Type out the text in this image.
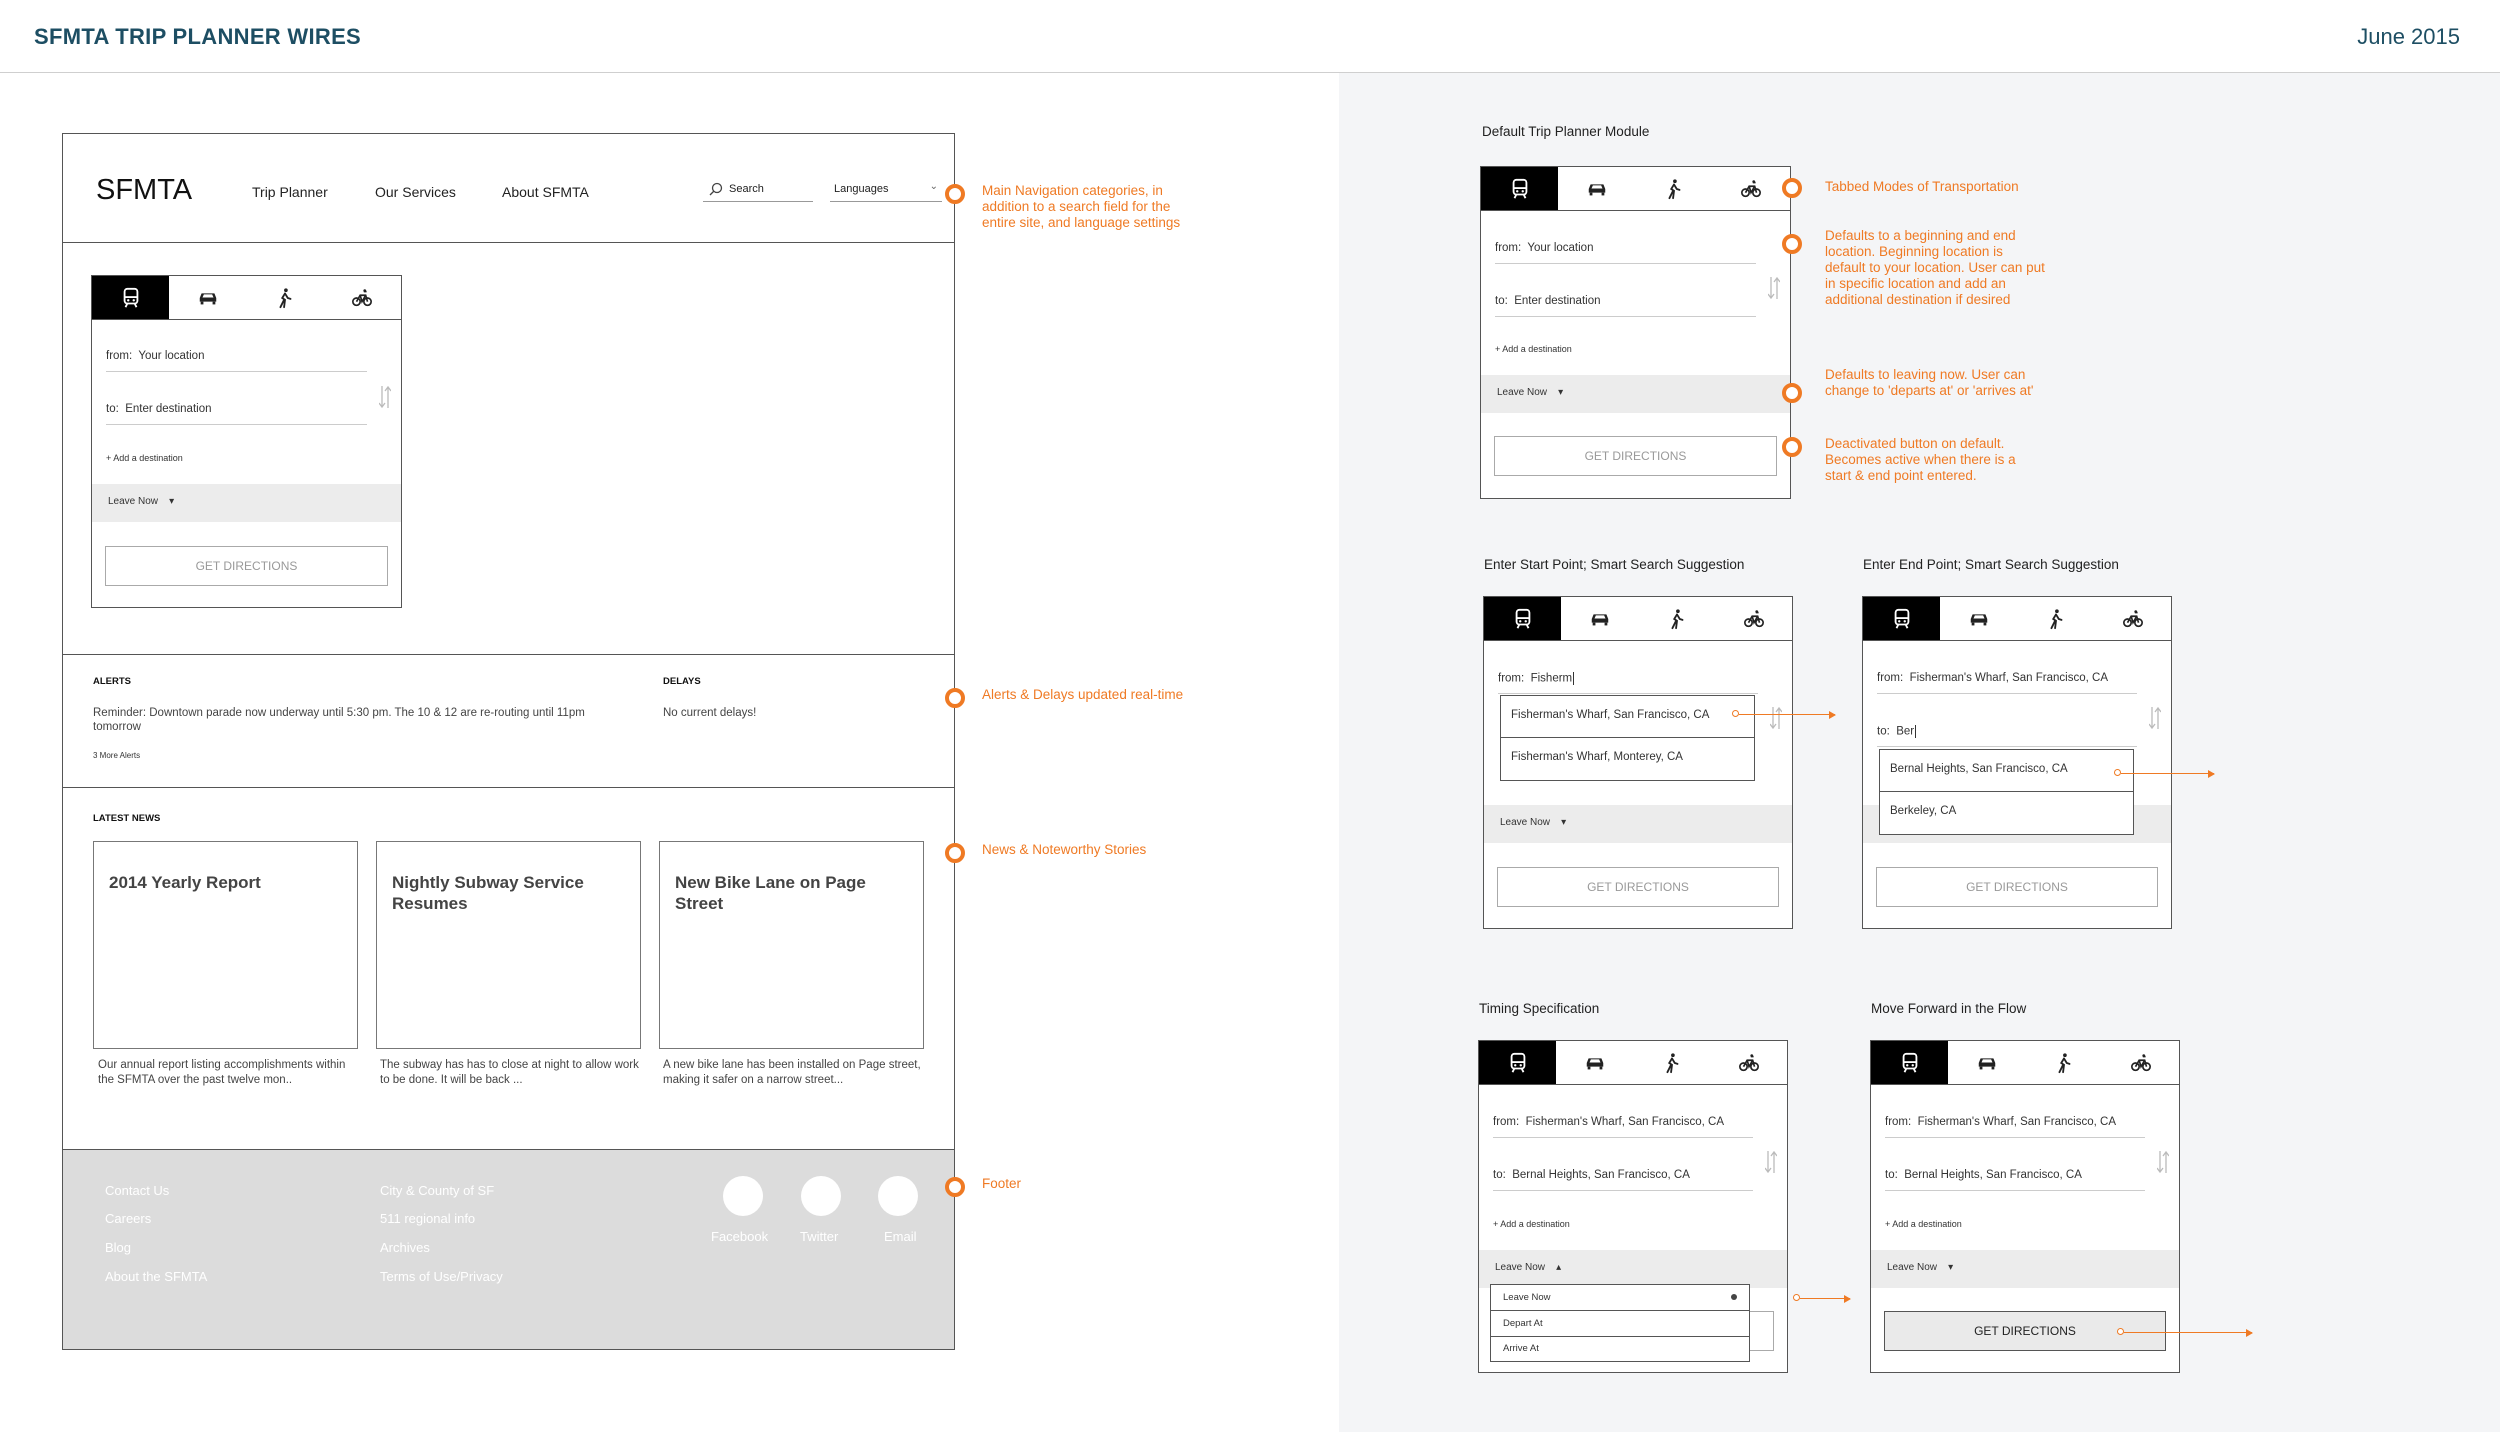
SFMTA TRIP PLANNER WIRES	June 2015
SFMTA	Trip Planner	Our Services	About SFMTA	Search	Languages	⌄
from: Your location
to: Enter destination
+ Add a destination
Leave Now ▾
GET DIRECTIONS
ALERTS
Reminder: Downtown parade now underway until 5:30 pm. The 10 & 12 are re-routing until 11pm tomorrow
3 More Alerts
DELAYS
No current delays!
LATEST NEWS
2014 Yearly Report	Nightly Subway Service Resumes
New Bike Lane on Page Street
Our annual report listing accomplishments within the SFMTA over the past twelve mon..
The subway has has to close at night to allow work to be done. It will be back ...
A new bike lane has been installed on Page street, making it safer on a narrow street...
Contact Us
Careers
Blog
About the SFMTA
City & County of SF
511 regional info
Archives
Terms of Use/Privacy
Facebook Twitter	Email
Main Navigation categories, in addition to a search field for the entire site, and language settings
Alerts & Delays updated real-time
News & Noteworthy Stories
Footer
Default Trip Planner Module
from: Your location
to: Enter destination
+ Add a destination
Leave Now ▾
GET DIRECTIONS
Tabbed Modes of Transportation
Defaults to a beginning and end location. Beginning location is default to your location. User can put in specific location and add an additional destination if desired
Defaults to leaving now. User can change to 'departs at' or 'arrives at'
Deactivated button on default. Becomes active when there is a start & end point entered.
Enter Start Point; Smart Search Suggestion
from: Fisherm
Fisherman's Wharf, San Francisco, CA
Fisherman's Wharf, Monterey, CA
Leave Now ▾
GET DIRECTIONS
Enter End Point; Smart Search Suggestion
from: Fisherman's Wharf, San Francisco, CA
to: Ber
Bernal Heights, San Francisco, CA
Berkeley, CA
GET DIRECTIONS
Timing Specification
from: Fisherman's Wharf, San Francisco, CA
to: Bernal Heights, San Francisco, CA
+ Add a destination
Leave Now ▴
Leave Now
Depart At
Arrive At
Move Forward in the Flow
from: Fisherman's Wharf, San Francisco, CA
to: Bernal Heights, San Francisco, CA
+ Add a destination
Leave Now ▾
GET DIRECTIONS
